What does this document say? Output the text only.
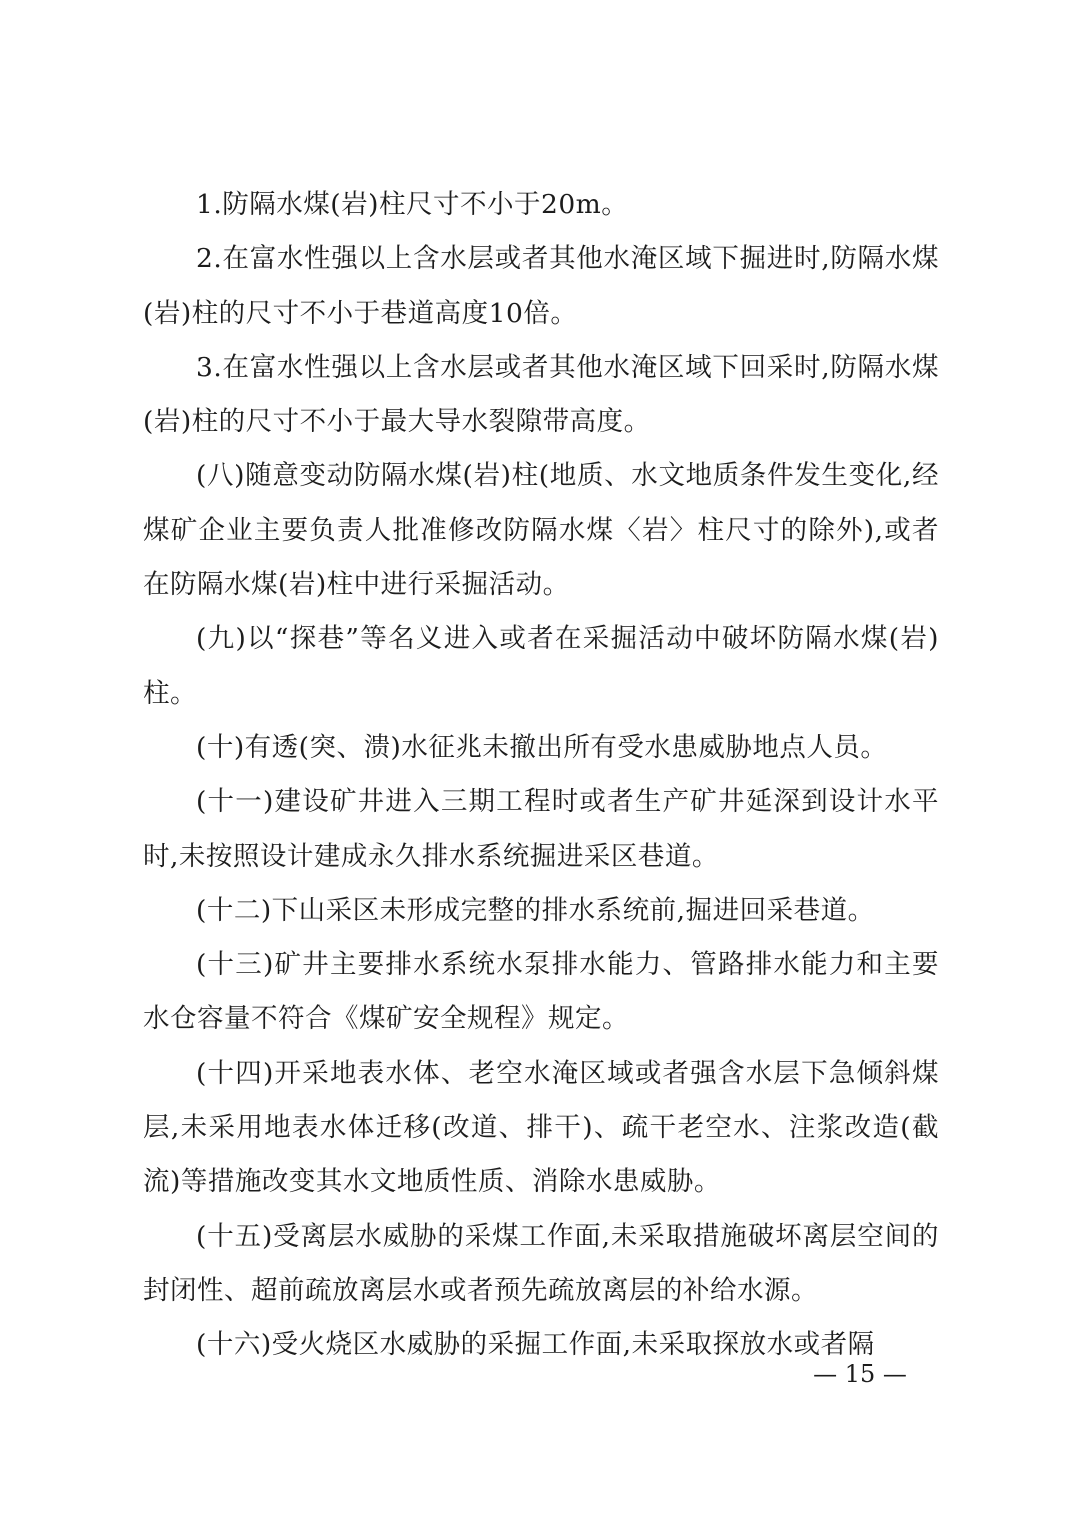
1.防隔水煤(岩)柱尺寸不小于20m。

2.在富水性强以上含水层或者其他水淹区域下掘进时,防隔水煤(岩)柱的尺寸不小于巷道高度10倍。

3.在富水性强以上含水层或者其他水淹区域下回采时,防隔水煤(岩)柱的尺寸不小于最大导水裂隙带高度。

(八)随意变动防隔水煤(岩)柱(地质、水文地质条件发生变化,经煤矿企业主要负责人批准修改防隔水煤〈岩〉柱尺寸的除外),或者在防隔水煤(岩)柱中进行采掘活动。

(九)以“探巷”等名义进入或者在采掘活动中破坏防隔水煤(岩)柱。

(十)有透(突、溃)水征兆未撤出所有受水患威胁地点人员。

(十一)建设矿井进入三期工程时或者生产矿井延深到设计水平时,未按照设计建成永久排水系统掘进采区巷道。

(十二)下山采区未形成完整的排水系统前,掘进回采巷道。

(十三)矿井主要排水系统水泵排水能力、管路排水能力和主要水仓容量不符合《煤矿安全规程》规定。

(十四)开采地表水体、老空水淹区域或者强含水层下急倾斜煤层,未采用地表水体迁移(改道、排干)、疏干老空水、注浆改造(截流)等措施改变其水文地质性质、消除水患威胁。

(十五)受离层水威胁的采煤工作面,未采取措施破坏离层空间的封闭性、超前疏放离层水或者预先疏放离层的补给水源。

(十六)受火烧区水威胁的采掘工作面,未采取探放水或者隔

— 15 —
